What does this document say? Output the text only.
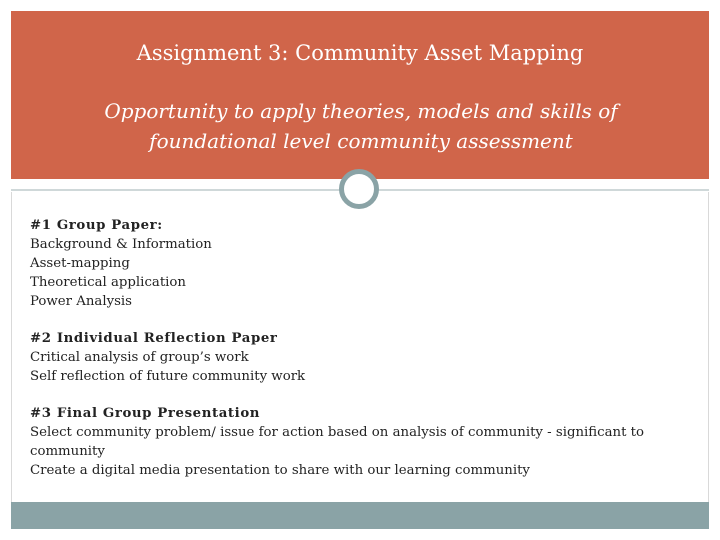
Assignment 3: Community Asset Mapping
Opportunity to apply theories, models and skills of foundational level community assessment
#1 Group Paper:
Background & Information
Asset-mapping
Theoretical application
Power Analysis
#2 Individual Reflection Paper
Critical analysis of group’s work
Self reflection of future community work
#3 Final Group Presentation
Select community problem/ issue for action based on analysis of community - significant to community
Create a digital media presentation to share with our learning community
